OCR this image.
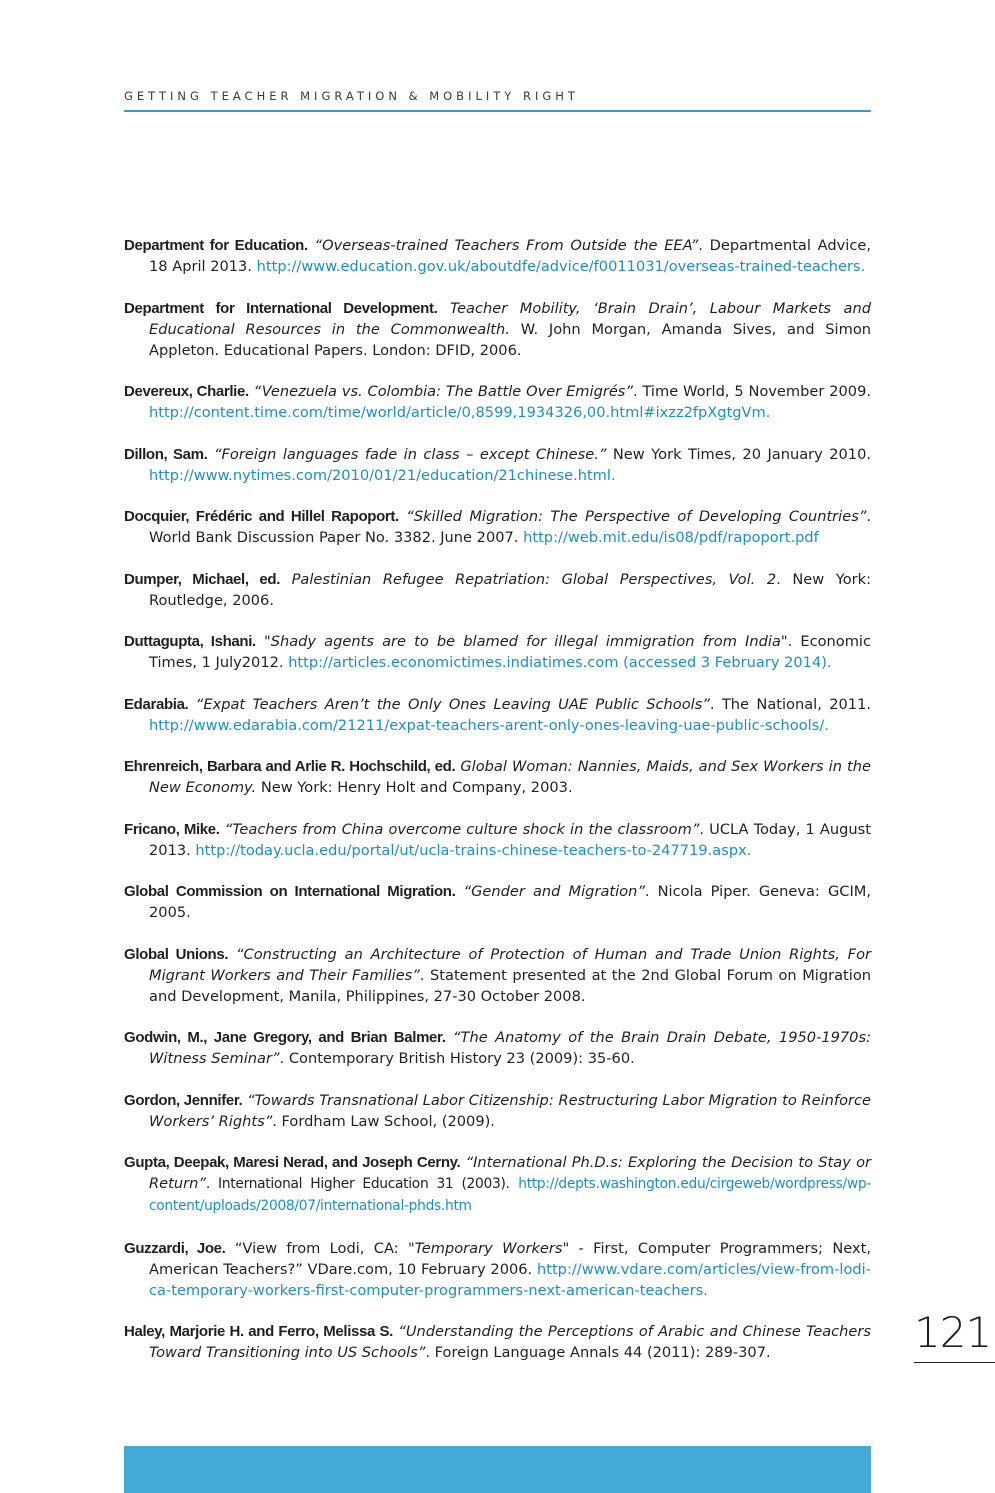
GETTING TEACHER MIGRATION & MOBILITY RIGHT

Department for Education. “Overseas-trained Teachers From Outside the EEA”. Departmental Advice, 18 April 2013. http://www.education.gov.uk/aboutdfe/advice/f0011031/overseas-trained-teachers.

Department for International Development. Teacher Mobility, ‘Brain Drain’, Labour Markets and Educational Resources in the Commonwealth. W. John Morgan, Amanda Sives, and Simon Appleton. Educational Papers. London: DFID, 2006.

Devereux, Charlie. “Venezuela vs. Colombia: The Battle Over Emigrés”. Time World, 5 November 2009. http://content.time.com/time/world/article/0,8599,1934326,00.html#ixzz2fpXgtgVm.

Dillon, Sam. “Foreign languages fade in class – except Chinese.” New York Times, 20 January 2010. http://www.nytimes.com/2010/01/21/education/21chinese.html.

Docquier, Frédéric and Hillel Rapoport. “Skilled Migration: The Perspective of Developing Countries”. World Bank Discussion Paper No. 3382. June 2007. http://web.mit.edu/is08/pdf/rapoport.pdf

Dumper, Michael, ed. Palestinian Refugee Repatriation: Global Perspectives, Vol. 2. New York: Routledge, 2006.

Duttagupta, Ishani. "Shady agents are to be blamed for illegal immigration from India". Economic Times, 1 July2012. http://articles.economictimes.indiatimes.com (accessed 3 February 2014).

Edarabia. “Expat Teachers Aren’t the Only Ones Leaving UAE Public Schools”. The National, 2011. http://www.edarabia.com/21211/expat-teachers-arent-only-ones-leaving-uae-public-schools/.

Ehrenreich, Barbara and Arlie R. Hochschild, ed. Global Woman: Nannies, Maids, and Sex Workers in the New Economy. New York: Henry Holt and Company, 2003.

Fricano, Mike. “Teachers from China overcome culture shock in the classroom”. UCLA Today, 1 August 2013. http://today.ucla.edu/portal/ut/ucla-trains-chinese-teachers-to-247719.aspx.

Global Commission on International Migration. “Gender and Migration”. Nicola Piper. Geneva: GCIM, 2005.

Global Unions. “Constructing an Architecture of Protection of Human and Trade Union Rights, For Migrant Workers and Their Families”. Statement presented at the 2nd Global Forum on Migration and Development, Manila, Philippines, 27-30 October 2008.

Godwin, M., Jane Gregory, and Brian Balmer. “The Anatomy of the Brain Drain Debate, 1950-1970s: Witness Seminar”. Contemporary British History 23 (2009): 35-60.

Gordon, Jennifer. “Towards Transnational Labor Citizenship: Restructuring Labor Migration to Reinforce Workers’ Rights”. Fordham Law School, (2009).

Gupta, Deepak, Maresi Nerad, and Joseph Cerny. “International Ph.D.s: Exploring the Decision to Stay or Return”. International Higher Education 31 (2003). http://depts.washington.edu/cirgeweb/wordpress/wp-content/uploads/2008/07/international-phds.htm

Guzzardi, Joe. “View from Lodi, CA: "Temporary Workers" - First, Computer Programmers; Next, American Teachers?” VDare.com, 10 February 2006. http://www.vdare.com/articles/view-from-lodi-ca-temporary-workers-first-computer-programmers-next-american-teachers.

Haley, Marjorie H. and Ferro, Melissa S. “Understanding the Perceptions of Arabic and Chinese Teachers Toward Transitioning into US Schools”. Foreign Language Annals 44 (2011): 289-307.	121
